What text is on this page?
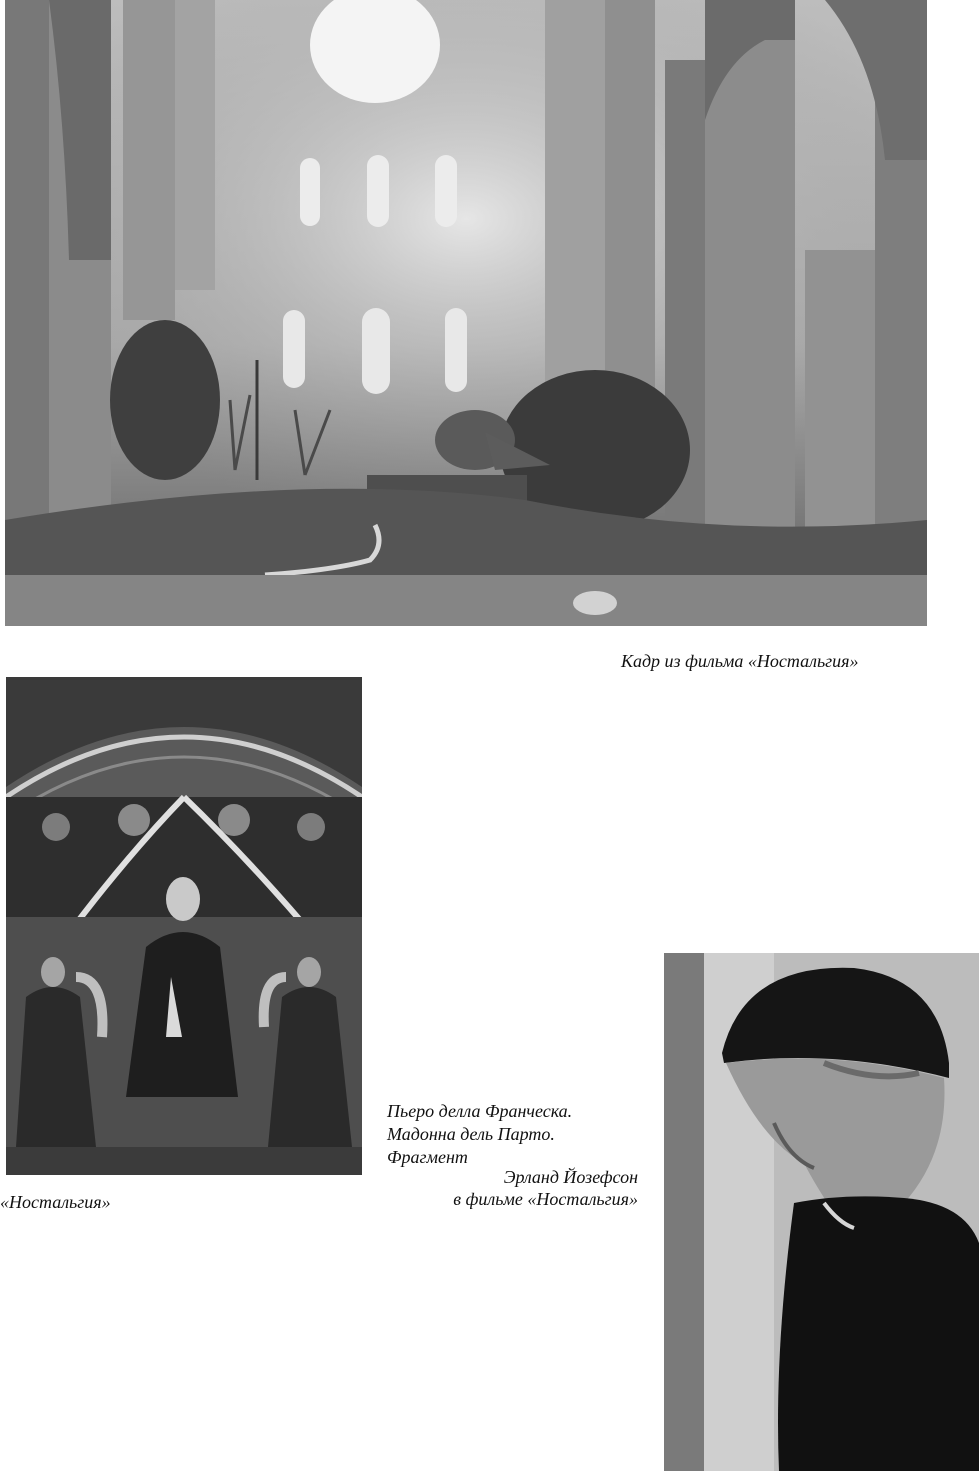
Кадр из фильма «Ностальгия»
Пьеро делла Франческа.
Мадонна дель Парто.
Фрагмент
«Ностальгия»
Эрланд Йозефсон
в фильме «Ностальгия»
